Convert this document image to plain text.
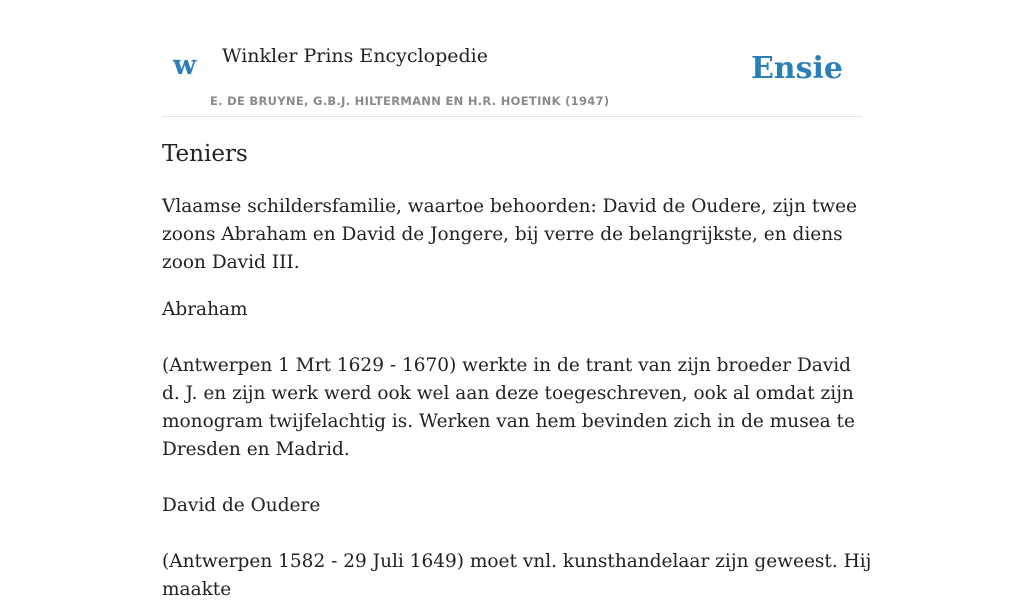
w Winkler Prins Encyclopedie
E. DE BRUYNE, G.B.J. HILTERMANN EN H.R. HOETINK (1947)
Ensie
Teniers

Vlaamse schildersfamilie, waartoe behoorden: David de Oudere, zijn twee zoons Abraham en David de Jongere, bij verre de belangrijkste, en diens zoon David III.

Abraham

(Antwerpen 1 Mrt 1629 - 1670) werkte in de trant van zijn broeder David d. J. en zijn werk werd ook wel aan deze toegeschreven, ook al omdat zijn monogram twijfelachtig is. Werken van hem bevinden zich in de musea te Dresden en Madrid.

David de Oudere

(Antwerpen 1582 - 29 Juli 1649) moet vnl. kunsthandelaar zijn geweest. Hij maakte
